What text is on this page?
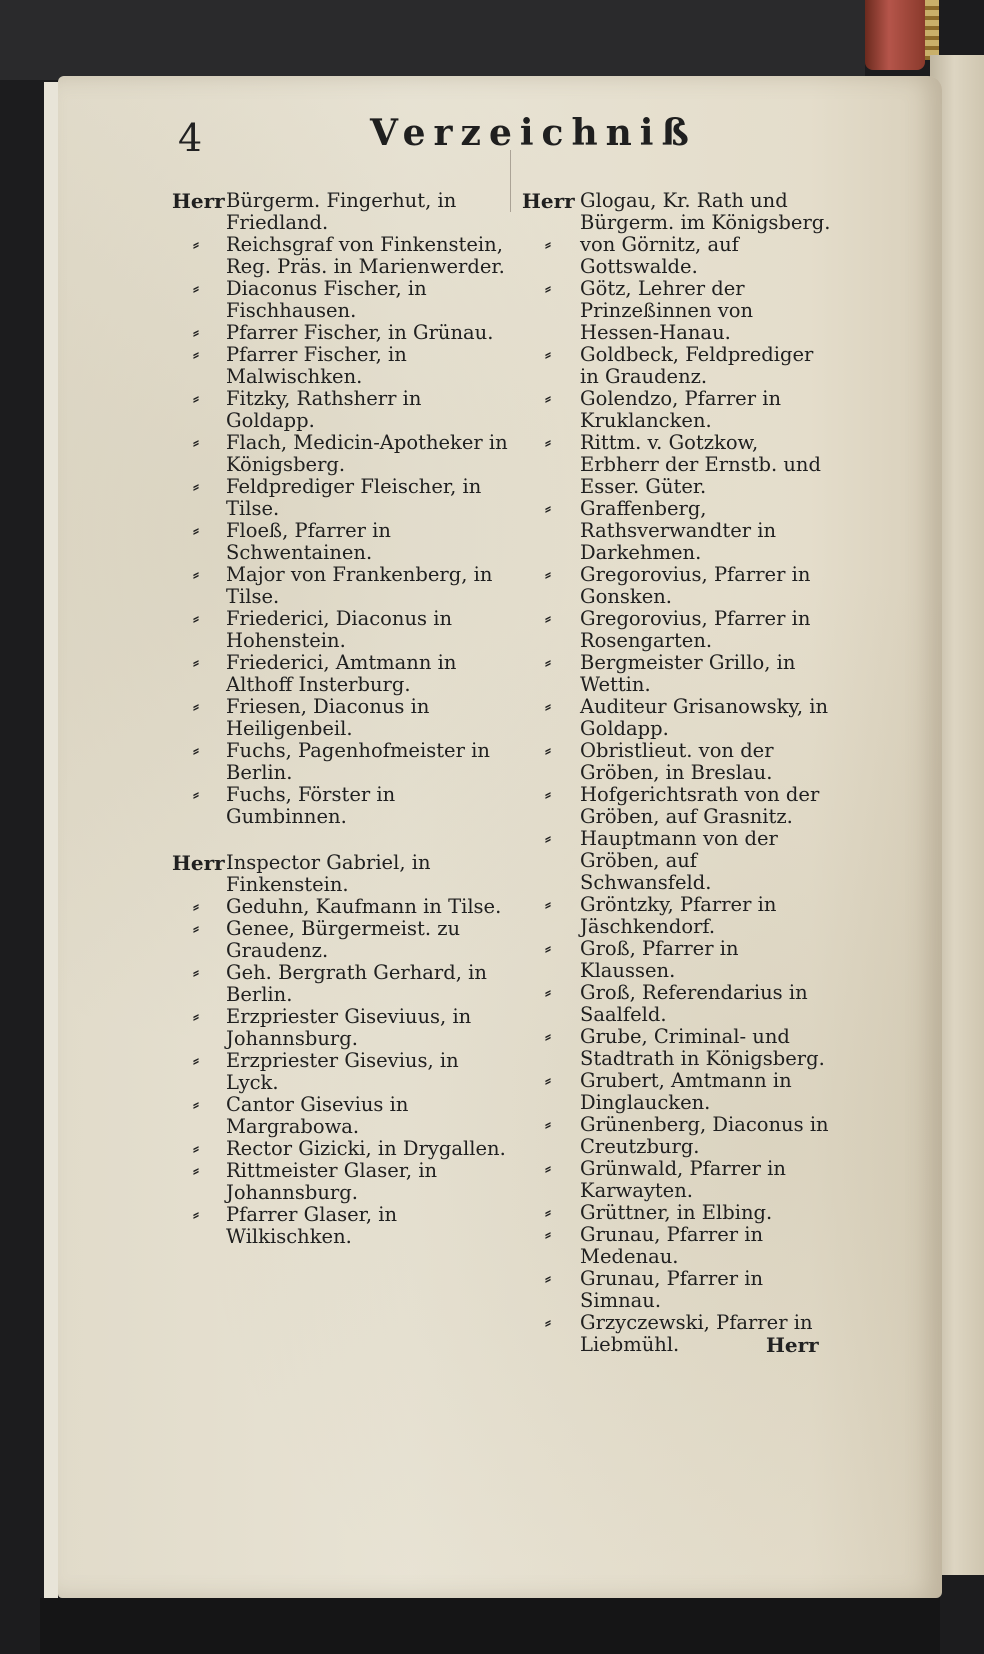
4	Verzeichniß
Herr Bürgerm. Fingerhut, in Friedland.
⸗	Reichsgraf von Finkenstein, Reg. Präs. in Marienwerder.
⸗	Diaconus Fischer, in Fischhausen.
⸗	Pfarrer Fischer, in Grünau.
⸗	Pfarrer Fischer, in Malwischken.
⸗	Fitzky, Rathsherr in Goldapp.
⸗	Flach, Medicin-Apotheker in Königsberg.
⸗	Feldprediger Fleischer, in Tilse.
⸗	Floeß, Pfarrer in Schwentainen.
⸗	Major von Frankenberg, in Tilse.
⸗	Friederici, Diaconus in Hohenstein.
⸗	Friederici, Amtmann in Althoff Insterburg.
⸗	Friesen, Diaconus in Heiligenbeil.
⸗	Fuchs, Pagenhofmeister in Berlin.
⸗	Fuchs, Förster in Gumbinnen.
Herr Inspector Gabriel, in Finkenstein.
⸗	Geduhn, Kaufmann in Tilse.
⸗	Genee, Bürgermeist. zu Graudenz.
⸗	Geh. Bergrath Gerhard, in Berlin.
⸗	Erzpriester Giseviuus, in Johannsburg.
⸗	Erzpriester Gisevius, in Lyck.
⸗	Cantor Gisevius in Margrabowa.
⸗	Rector Gizicki, in Drygallen.
⸗	Rittmeister Glaser, in Johannsburg.
⸗	Pfarrer Glaser, in Wilkischken.
Herr Glogau, Kr. Rath und Bürgerm. im Königsberg.
⸗	von Görnitz, auf Gottswalde.
⸗	Götz, Lehrer der Prinzeßinnen von Hessen-Hanau.
⸗	Goldbeck, Feldprediger in Graudenz.
⸗	Golendzo, Pfarrer in Kruklancken.
⸗	Rittm. v. Gotzkow, Erbherr der Ernstb. und Esser. Güter.
⸗	Graffenberg, Rathsverwandter in Darkehmen.
⸗	Gregorovius, Pfarrer in Gonsken.
⸗	Gregorovius, Pfarrer in Rosengarten.
⸗	Bergmeister Grillo, in Wettin.
⸗	Auditeur Grisanowsky, in Goldapp.
⸗	Obristlieut. von der Gröben, in Breslau.
⸗	Hofgerichtsrath von der Gröben, auf Grasnitz.
⸗	Hauptmann von der Gröben, auf Schwansfeld.
⸗	Gröntzky, Pfarrer in Jäschkendorf.
⸗	Groß, Pfarrer in Klaussen.
⸗	Groß, Referendarius in Saalfeld.
⸗	Grube, Criminal- und Stadtrath in Königsberg.
⸗	Grubert, Amtmann in Dinglaucken.
⸗	Grünenberg, Diaconus in Creutzburg.
⸗	Grünwald, Pfarrer in Karwayten.
⸗	Grüttner, in Elbing.
⸗	Grunau, Pfarrer in Medenau.
⸗	Grunau, Pfarrer in Simnau.
⸗	Grzyczewski, Pfarrer in Liebmühl.	Herr
